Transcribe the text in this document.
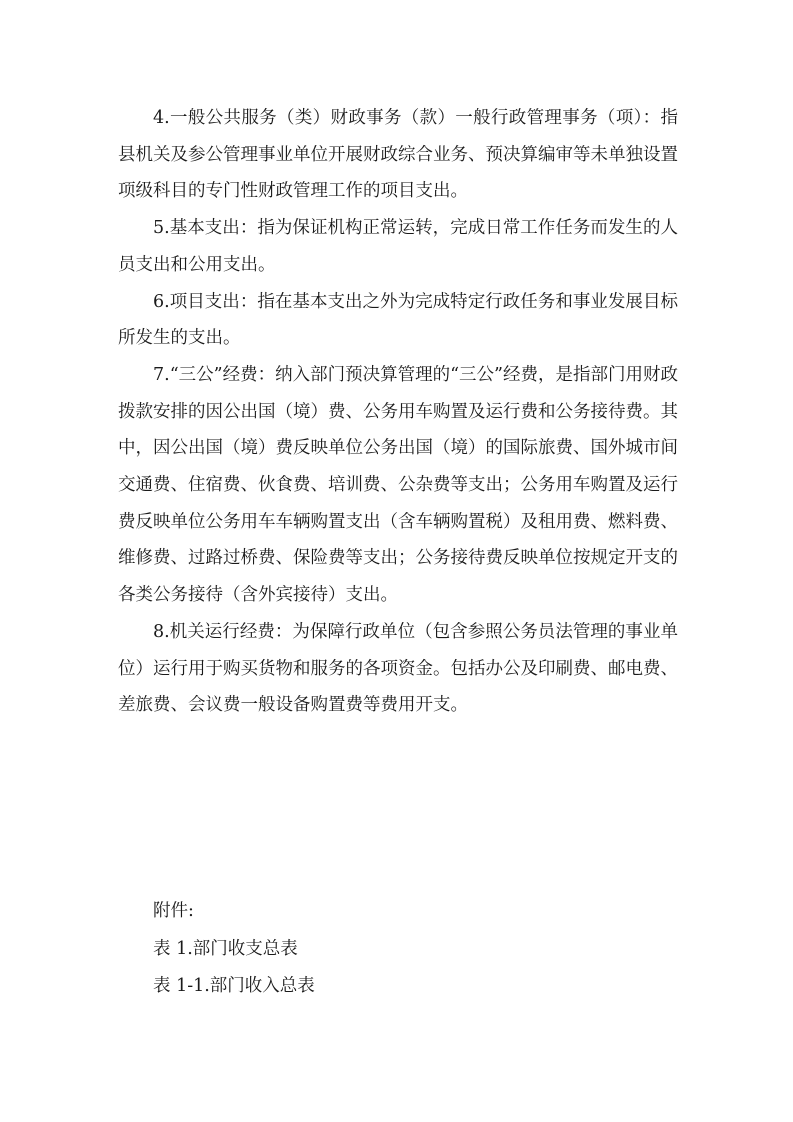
4.一般公共服务（类）财政事务（款）一般行政管理事务（项）：指县机关及参公管理事业单位开展财政综合业务、预决算编审等未单独设置项级科目的专门性财政管理工作的项目支出。

5.基本支出：指为保证机构正常运转，完成日常工作任务而发生的人员支出和公用支出。

6.项目支出：指在基本支出之外为完成特定行政任务和事业发展目标所发生的支出。

7.“三公”经费：纳入部门预决算管理的“三公”经费，是指部门用财政拨款安排的因公出国（境）费、公务用车购置及运行费和公务接待费。其中，因公出国（境）费反映单位公务出国（境）的国际旅费、国外城市间交通费、住宿费、伙食费、培训费、公杂费等支出；公务用车购置及运行费反映单位公务用车车辆购置支出（含车辆购置税）及租用费、燃料费、维修费、过路过桥费、保险费等支出；公务接待费反映单位按规定开支的各类公务接待（含外宾接待）支出。

8.机关运行经费：为保障行政单位（包含参照公务员法管理的事业单位）运行用于购买货物和服务的各项资金。包括办公及印刷费、邮电费、差旅费、会议费一般设备购置费等费用开支。

附件:

表 1.部门收支总表

表 1-1.部门收入总表
